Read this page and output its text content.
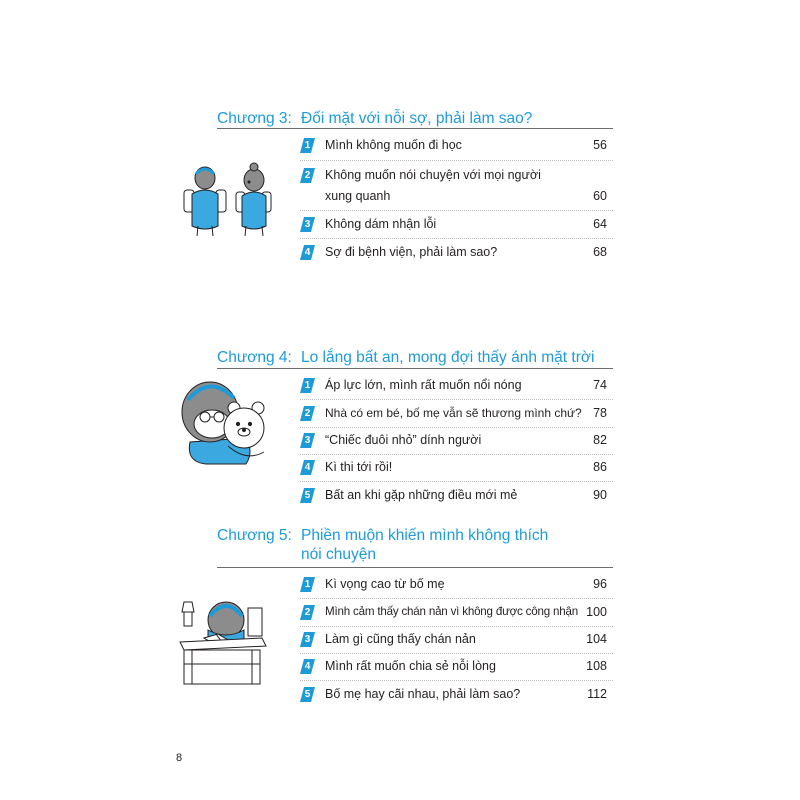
Chương 3: Đối mặt với nỗi sợ, phải làm sao?
1	Mình không muốn đi học	56
2	Không muốn nói chuyện với mọi người
xung quanh	60
3	Không dám nhận lỗi	64
4	Sợ đi bệnh viện, phải làm sao?	68
Chương 4: Lo lắng bất an, mong đợi thấy ánh mặt trời
1	Áp lực lớn, mình rất muốn nổi nóng	74
2	Nhà có em bé, bố mẹ vẫn sẽ thương mình chứ? 78
3	“Chiếc đuôi nhỏ” dính người	82
4	Kì thi tới rồi!	86
5	Bất an khi gặp những điều mới mẻ	90
Chương 5: Phiền muộn khiến mình không thích
nói chuyện
1	Kì vọng cao từ bố mẹ	96
2	Mình cảm thấy chán nản vì không được công nhận 100
3	Làm gì cũng thấy chán nản	104
4	Mình rất muốn chia sẻ nỗi lòng	108
5	Bố mẹ hay cãi nhau, phải làm sao?	112
8
